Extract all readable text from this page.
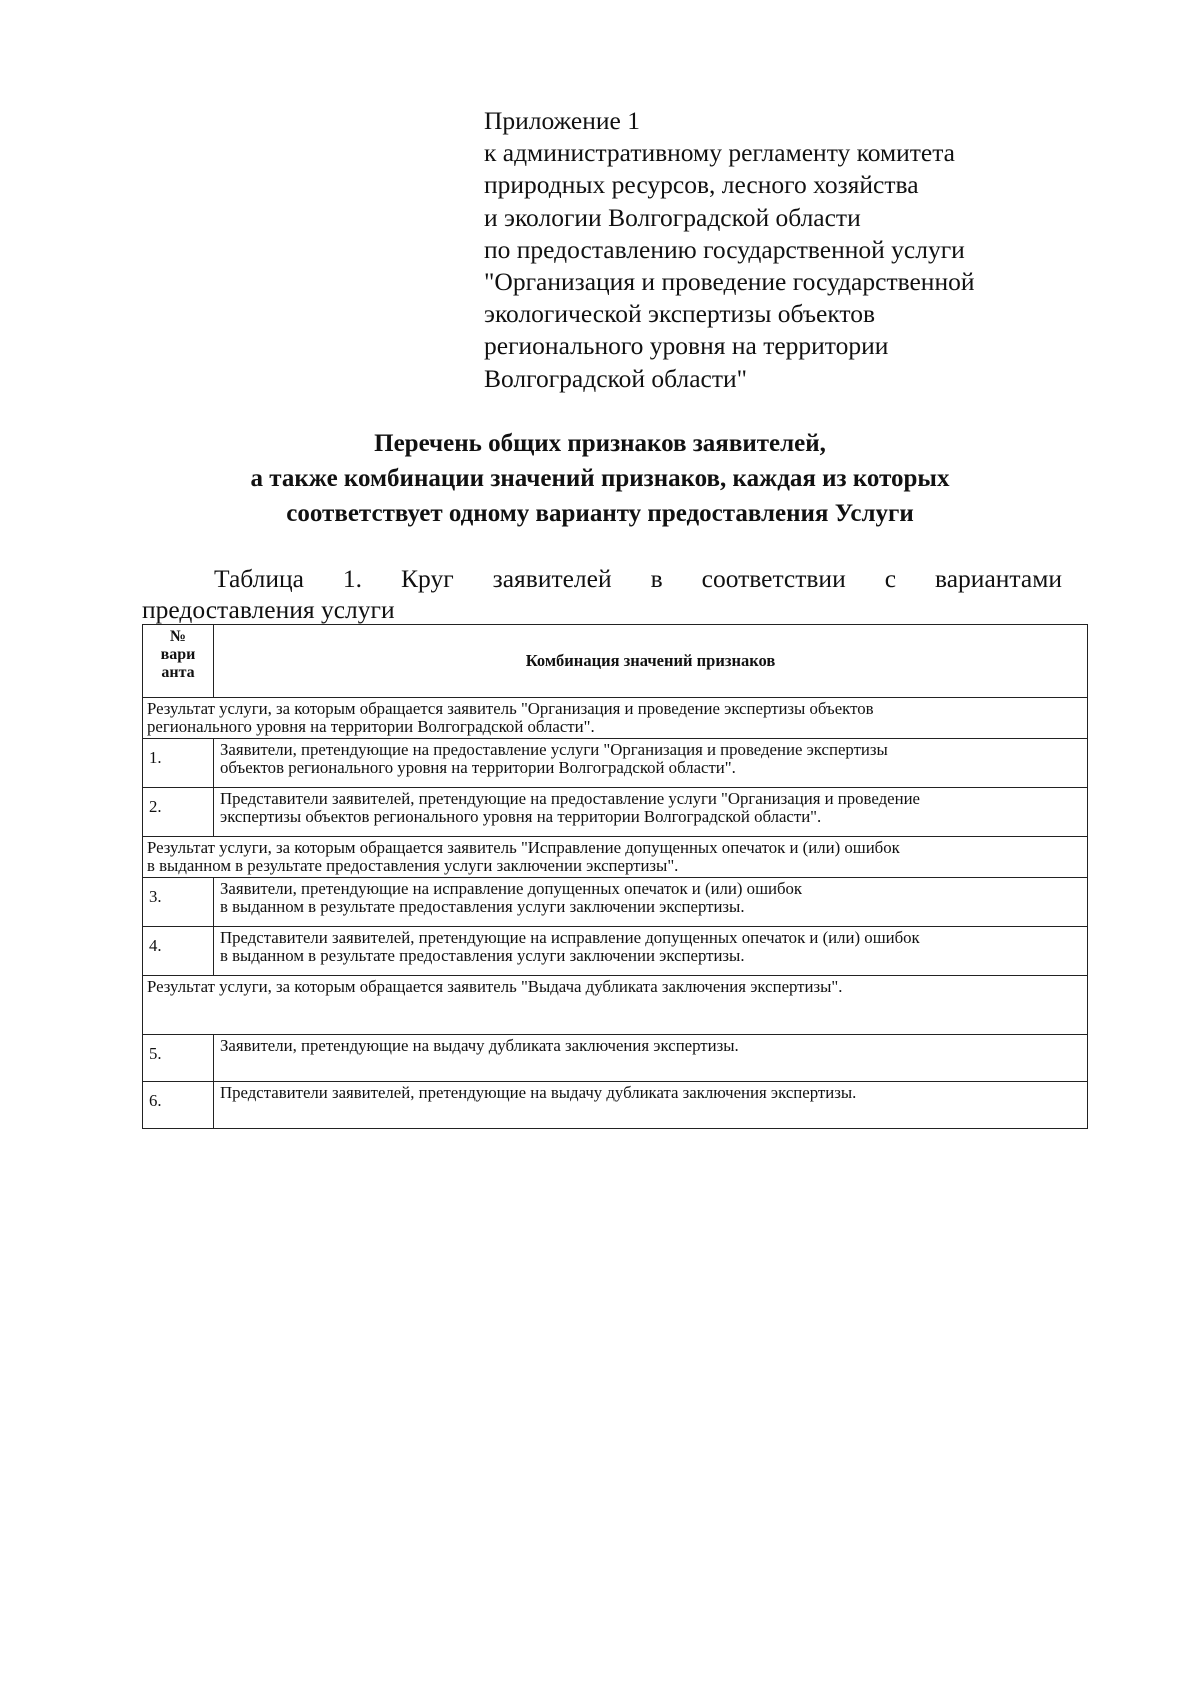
Приложение 1
к административному регламенту комитета
природных ресурсов, лесного хозяйства
и экологии Волгоградской области
по предоставлению государственной услуги
"Организация и проведение государственной
экологической экспертизы объектов
регионального уровня на территории
Волгоградской области"
Перечень общих признаков заявителей,
а также комбинации значений признаков, каждая из которых
соответствует одному варианту предоставления Услуги
Таблица 1. Круг заявителей в соответствии с вариантами
предоставления услуги
№
вари
анта	Комбинация значений признаков

Результат услуги, за которым обращается заявитель "Организация и проведение экспертизы объектов
регионального уровня на территории Волгоградской области".	

1.	Заявители, претендующие на предоставление услуги "Организация и проведение экспертизы
объектов регионального уровня на территории Волгоградской области".

2.	Представители заявителей, претендующие на предоставление услуги "Организация и проведение
экспертизы объектов регионального уровня на территории Волгоградской области".

Результат услуги, за которым обращается заявитель "Исправление допущенных опечаток и (или) ошибок
в выданном в результате предоставления услуги заключении экспертизы".	

3.	Заявители, претендующие на исправление допущенных опечаток и (или) ошибок
в выданном в результате предоставления услуги заключении экспертизы.

4.	Представители заявителей, претендующие на исправление допущенных опечаток и (или) ошибок
в выданном в результате предоставления услуги заключении экспертизы.

Результат услуги, за которым обращается заявитель "Выдача дубликата заключения экспертизы".	

5.	Заявители, претендующие на выдачу дубликата заключения экспертизы.

6.	Представители заявителей, претендующие на выдачу дубликата заключения экспертизы.
